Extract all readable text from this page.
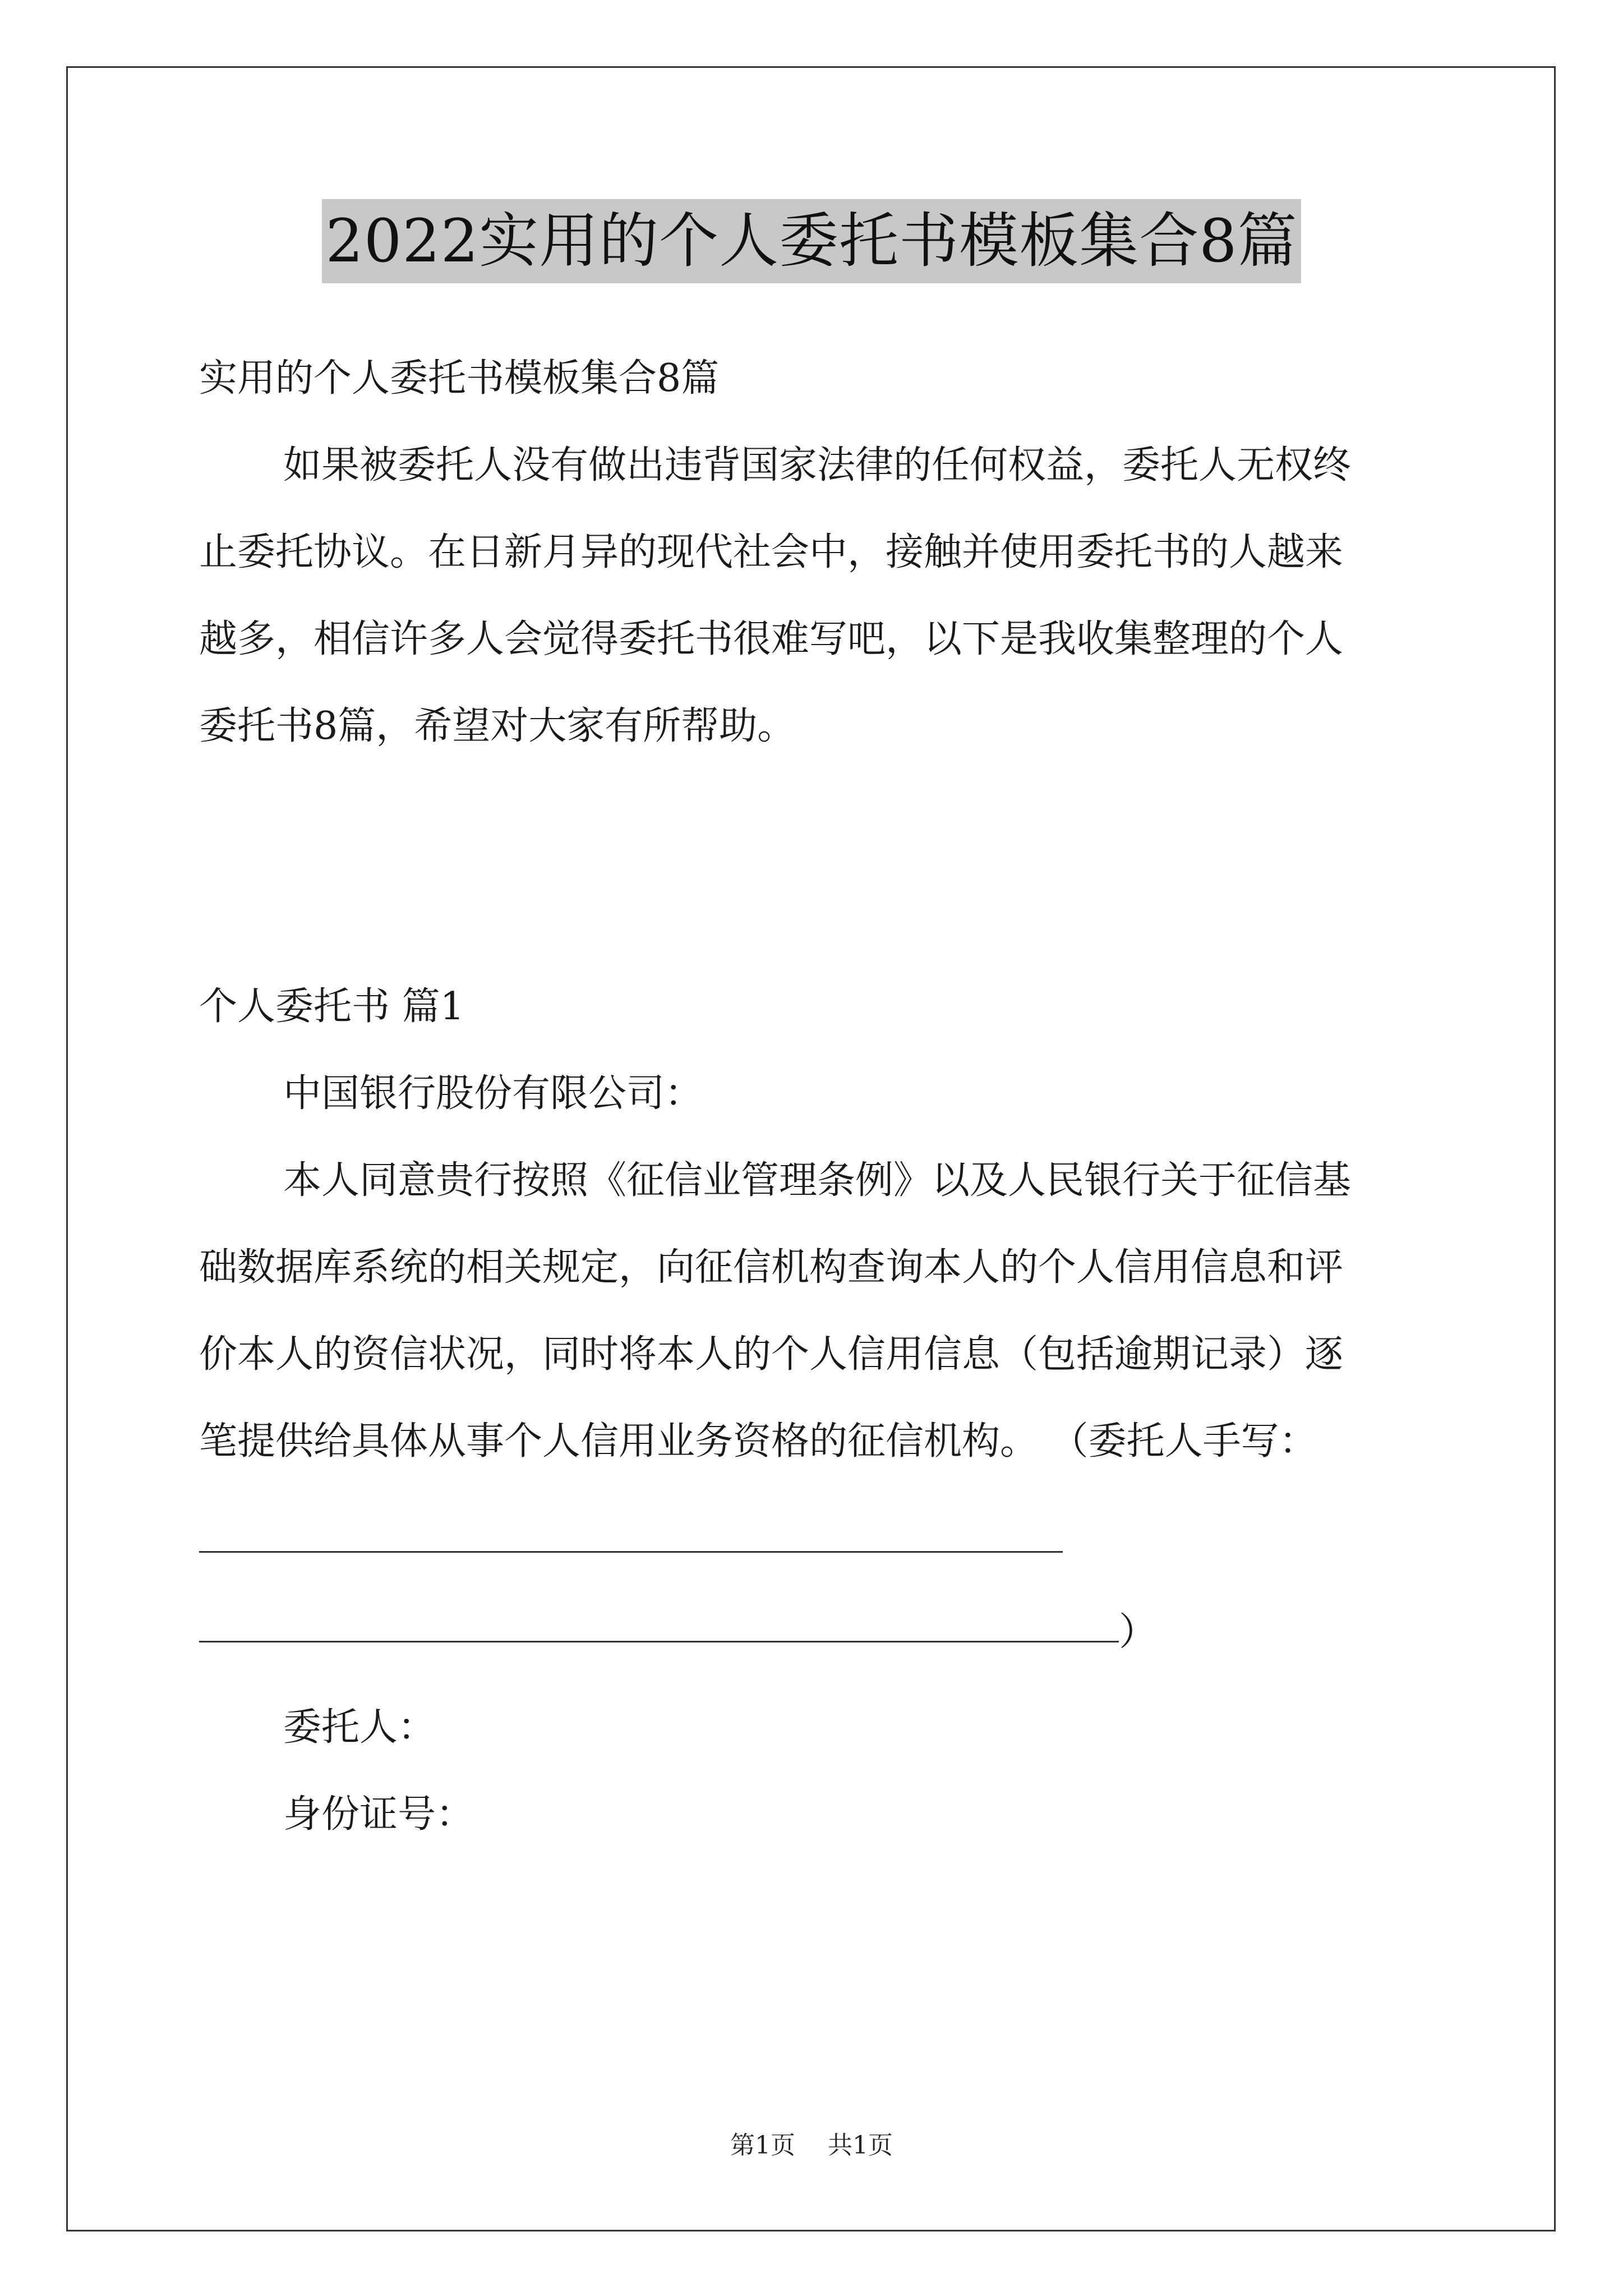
2022实用的个人委托书模板集合8篇
实用的个人委托书模板集合8篇
如果被委托人没有做出违背国家法律的任何权益，委托人无权终
止委托协议。在日新月异的现代社会中，接触并使用委托书的人越来
越多，相信许多人会觉得委托书很难写吧，以下是我收集整理的个人
委托书8篇，希望对大家有所帮助。
个人委托书 篇1
中国银行股份有限公司：
本人同意贵行按照《征信业管理条例》以及人民银行关于征信基
础数据库系统的相关规定，向征信机构查询本人的个人信用信息和评
价本人的资信状况，同时将本人的个人信用信息（包括逾期记录）逐
笔提供给具体从事个人信用业务资格的征信机构。 （委托人手写：
）
委托人：
身份证号：
第1页 共1页
